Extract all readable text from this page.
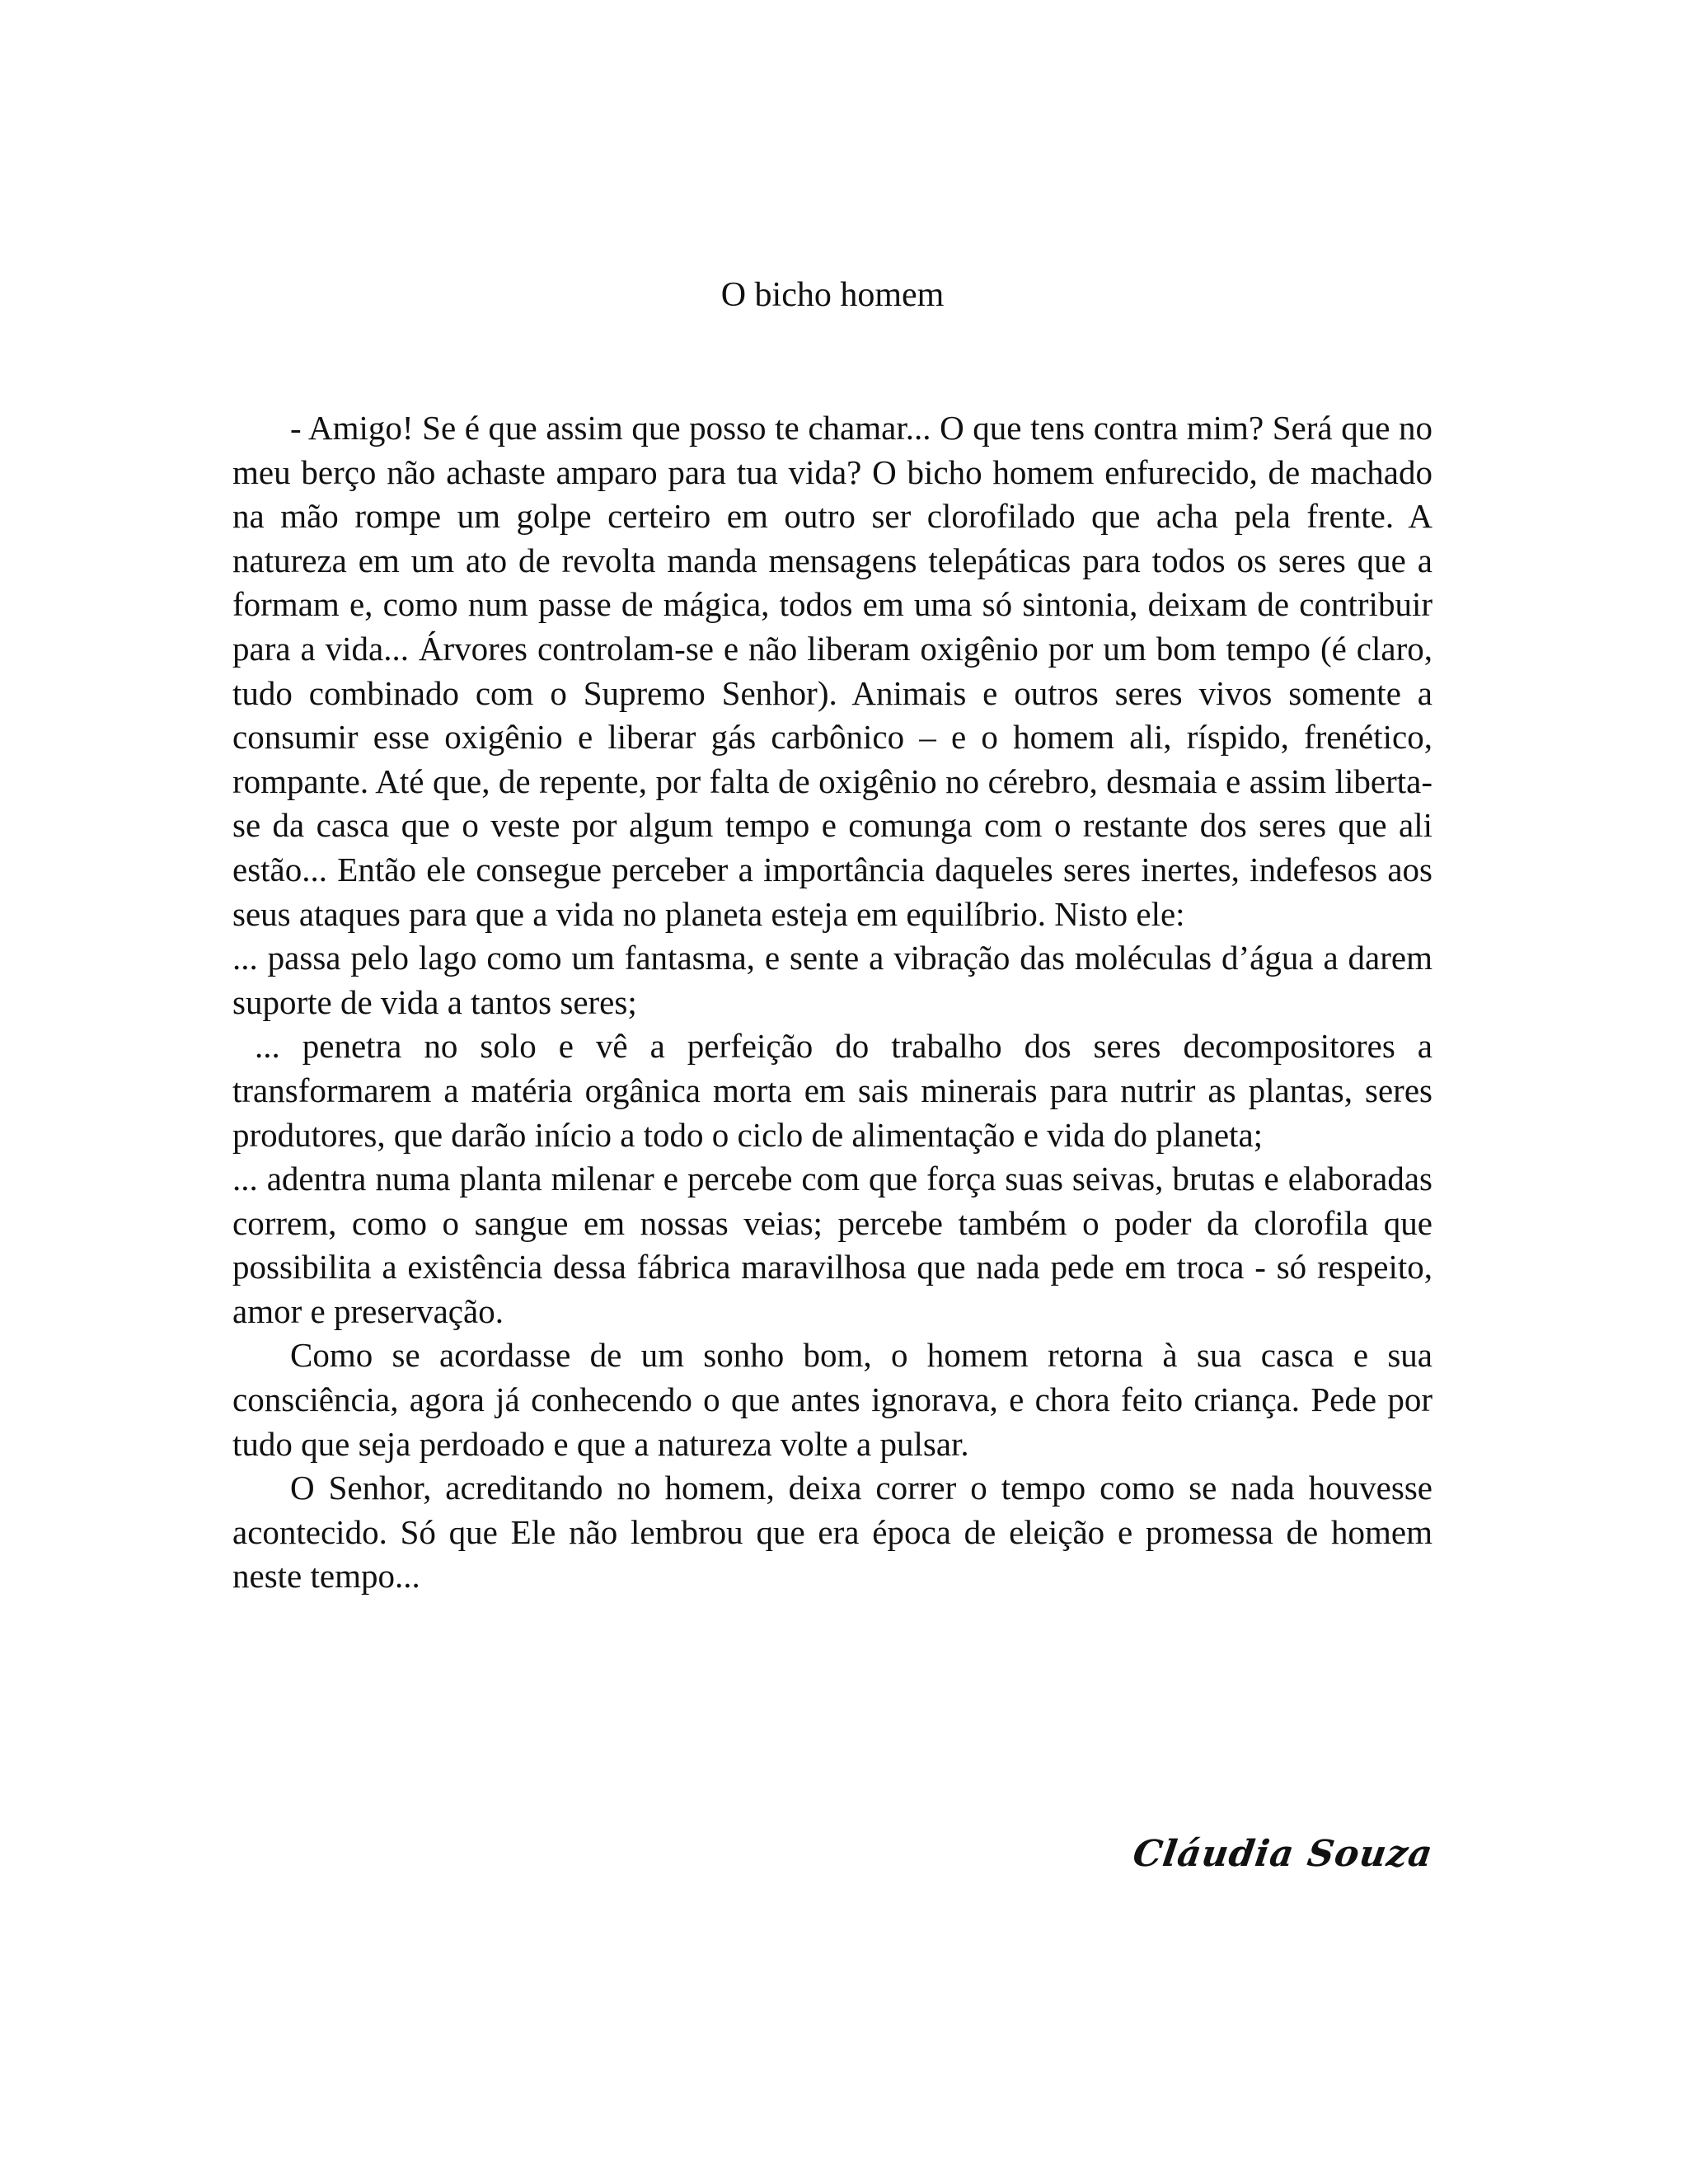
O bicho homem

- Amigo! Se é que assim que posso te chamar... O que tens contra mim? Será que no meu berço não achaste amparo para tua vida? O bicho homem enfurecido, de machado na mão rompe um golpe certeiro em outro ser clorofilado que acha pela frente. A natureza em um ato de revolta manda mensagens telepáticas para todos os seres que a formam e, como num passe de mágica, todos em uma só sintonia, deixam de contribuir para a vida... Árvores controlam-se e não liberam oxigênio por um bom tempo (é claro, tudo combinado com o Supremo Senhor). Animais e outros seres vivos somente a consumir esse oxigênio e liberar gás carbônico – e o homem ali, ríspido, frenético, rompante. Até que, de repente, por falta de oxigênio no cérebro, desmaia e assim liberta-se da casca que o veste por algum tempo e comunga com o restante dos seres que ali estão... Então ele consegue perceber a importância daqueles seres inertes, indefesos aos seus ataques para que a vida no planeta esteja em equilíbrio. Nisto ele:

... passa pelo lago como um fantasma, e sente a vibração das moléculas d’água a darem suporte de vida a tantos seres;

... penetra no solo e vê a perfeição do trabalho dos seres decompositores a transformarem a matéria orgânica morta em sais minerais para nutrir as plantas, seres produtores, que darão início a todo o ciclo de alimentação e vida do planeta;

... adentra numa planta milenar e percebe com que força suas seivas, brutas e elaboradas correm, como o sangue em nossas veias; percebe também o poder da clorofila que possibilita a existência dessa fábrica maravilhosa que nada pede em troca - só respeito, amor e preservação.

Como se acordasse de um sonho bom, o homem retorna à sua casca e sua consciência, agora já conhecendo o que antes ignorava, e chora feito criança. Pede por tudo que seja perdoado e que a natureza volte a pulsar.

O Senhor, acreditando no homem, deixa correr o tempo como se nada houvesse acontecido. Só que Ele não lembrou que era época de eleição e promessa de homem neste tempo...

Cláudia Souza
